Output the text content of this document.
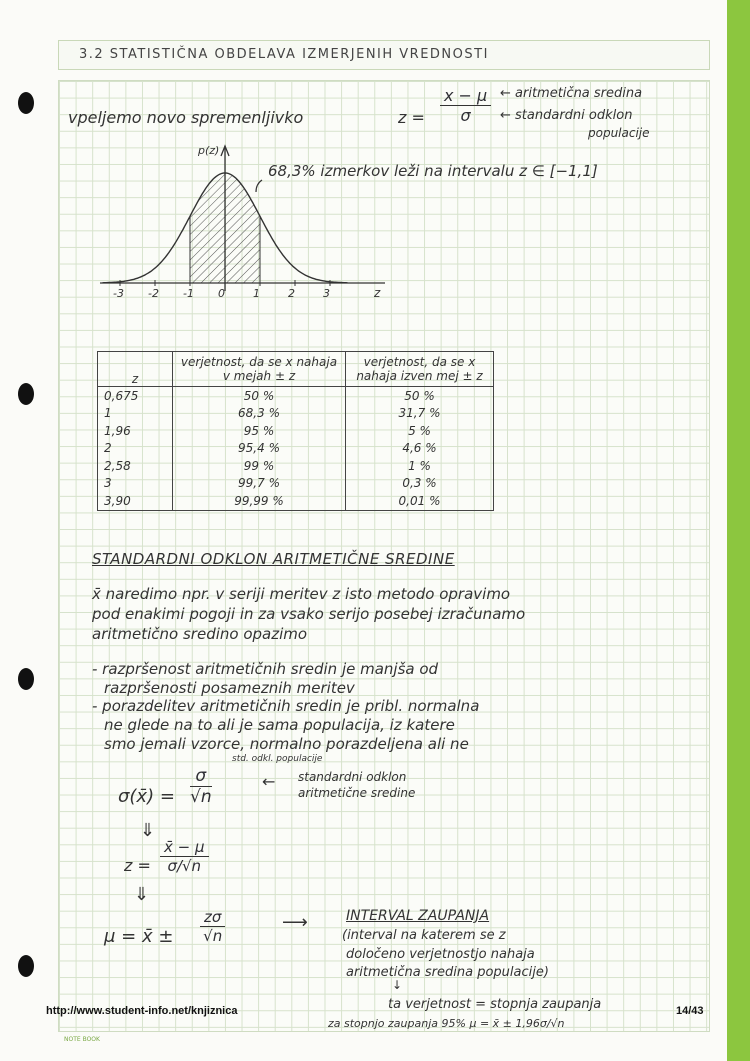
3.2 STATISTIČNA OBDELAVA IZMERJENIH VREDNOSTI
vpeljemo novo spremenljivko	$z = \frac{x - \mu}{\sigma}$ ← aritmetična sredina
← standardni odklon
populacije
p(z)
z
-3 -2 -1 0	1	2	3
68,3% izmerkov leži na intervalu z ∈ [−1,1]
z	verjetnost, da se x nahaja v mejah ± z	verjetnost, da se x nahaja izven mej ± z
0,675	50 %	50 %
1	68,3 %	31,7 %
1,96	95 %	5 %
2	95,4 %	4,6 %
2,58	99 %	1 %
3	99,7 %	0,3 %
3,90	99,99 %	0,01 %
STANDARDNI ODKLON ARITMETIČNE SREDINE
x̄ naredimo npr. v seriji meritev z isto metodo opravimo
pod enakimi pogoji in za vsako serijo posebej izračunamo
aritmetično sredino opazimo
- razpršenost aritmetičnih sredin je manjša od
razpršenosti posameznih meritev
- porazdelitev aritmetičnih sredin je pribl. normalna
ne glede na to ali je sama populacija, iz katere
smo jemali vzorce, normalno porazdeljena ali ne
std. odkl. populacije
σ(x̄) = $\frac{\sigma}{√n}$	← standardni odklon
aritmetične sredine
⇓
$z = \frac{x̄ - \mu}{\sigma/√n}$
⇓
μ = x̄ ± $\frac{z\sigma}{√n}$	⟶	INTERVAL ZAUPANJA
(interval na katerem se z
določeno verjetnostjo nahaja
aritmetična sredina populacije)
↓
ta verjetnost = stopnja zaupanja
za stopnjo zaupanja 95% μ = x̄ ± 1,96σ/√n
http://www.student-info.net/knjiznica	14/43
NOTE BOOK
